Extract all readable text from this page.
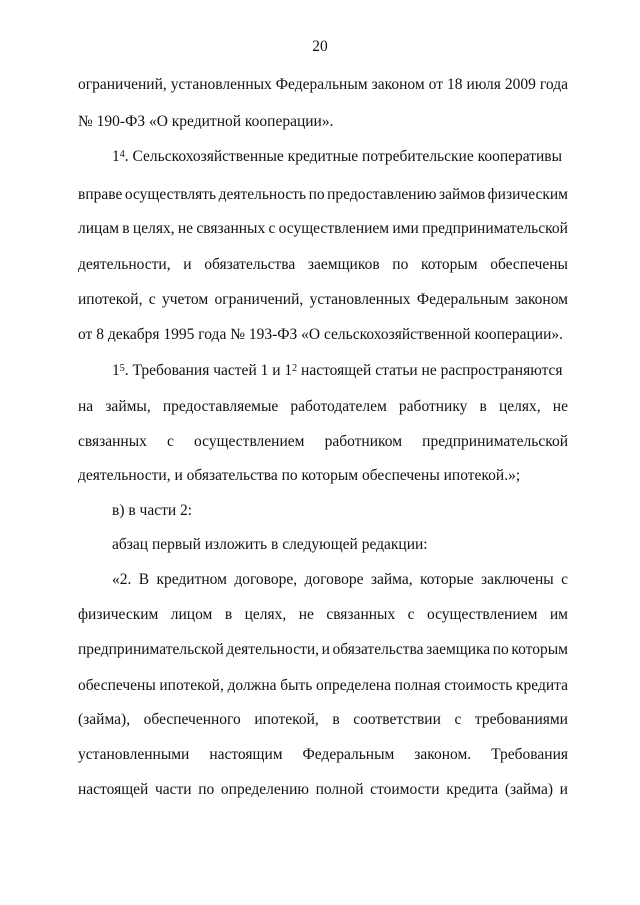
20
ограничений, установленных Федеральным законом от 18 июля 2009 года
№ 190-ФЗ «О кредитной кооперации».
$1^4$. Сельскохозяйственные кредитные потребительские кооперативы
вправе осуществлять деятельность по предоставлению займов физическим
лицам в целях, не связанных с осуществлением ими предпринимательской
деятельности, и обязательства заемщиков по которым обеспечены
ипотекой, с учетом ограничений, установленных Федеральным законом
от 8 декабря 1995 года № 193-ФЗ «О сельскохозяйственной кооперации».
$1^5$. Требования частей 1 и $1^2$ настоящей статьи не распространяются
на займы, предоставляемые работодателем работнику в целях, не
связанных с осуществлением работником предпринимательской
деятельности, и обязательства по которым обеспечены ипотекой.»;
в) в части 2:
абзац первый изложить в следующей редакции:
«2. В кредитном договоре, договоре займа, которые заключены с
физическим лицом в целях, не связанных с осуществлением им
предпринимательской деятельности, и обязательства заемщика по которым
обеспечены ипотекой, должна быть определена полная стоимость кредита
(займа), обеспеченного ипотекой, в соответствии с требованиями
установленными настоящим Федеральным законом. Требования
настоящей части по определению полной стоимости кредита (займа) и
